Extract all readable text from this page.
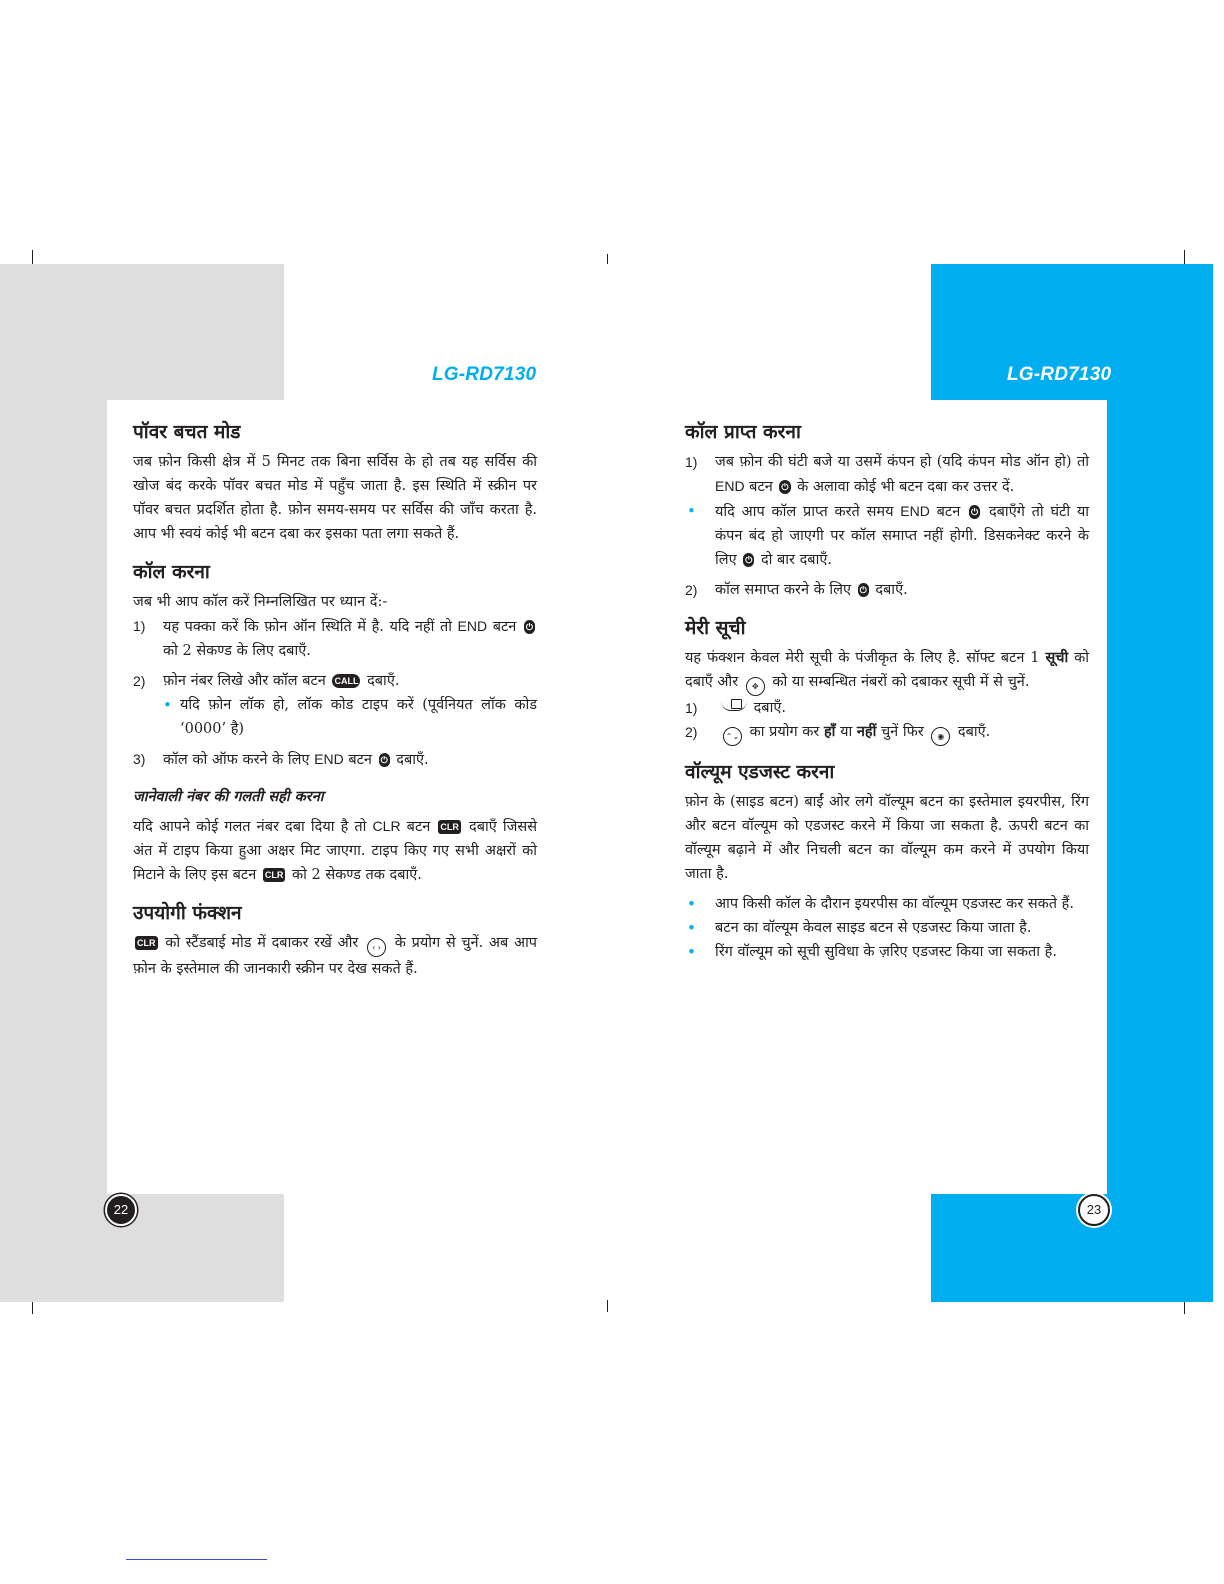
LG-RD7130	LG-RD7130
पॉवर बचत मोड

जब फ़ोन किसी क्षेत्र में 5 मिनट तक बिना सर्विस के हो तब यह सर्विस की खोज बंद करके पॉवर बचत मोड में पहुँच जाता है. इस स्थिति में स्क्रीन पर पॉवर बचत प्रदर्शित होता है. फ़ोन समय-समय पर सर्विस की जाँच करता है. आप भी स्वयं कोई भी बटन दबा कर इसका पता लगा सकते हैं.

कॉल करना

जब भी आप कॉल करें निम्नलिखित पर ध्यान दें:-

1) यह पक्का करें कि फ़ोन ऑन स्थिति में है. यदि नहीं तो END बटन ⏻ को 2 सेकण्ड के लिए दबाएँ.
2) फ़ोन नंबर लिखे और कॉल बटन CALL दबाएँ.
• यदि फ़ोन लॉक हो, लॉक कोड टाइप करें (पूर्वनियत लॉक कोड ‘0000’ है)
3) कॉल को ऑफ करने के लिए END बटन ⏻ दबाएँ.

जानेवाली नंबर की गलती सही करना

यदि आपने कोई गलत नंबर दबा दिया है तो CLR बटन CLR दबाएँ जिससे अंत में टाइप किया हुआ अक्षर मिट जाएगा. टाइप किए गए सभी अक्षरों को मिटाने के लिए इस बटन CLR को 2 सेकण्ड तक दबाएँ.

उपयोगी फंक्शन

CLR को स्टैंडबाई मोड में दबाकर रखें और ‹ › के प्रयोग से चुनें. अब आप फ़ोन के इस्तेमाल की जानकारी स्क्रीन पर देख सकते हैं.

कॉल प्राप्त करना
1) जब फ़ोन की घंटी बजे या उसमें कंपन हो (यदि कंपन मोड ऑन हो) तो END बटन ⏻ के अलावा कोई भी बटन दबा कर उत्तर दें.
• यदि आप कॉल प्राप्त करते समय END बटन ⏻ दबाएँगे तो घंटी या कंपन बंद हो जाएगी पर कॉल समाप्त नहीं होगी. डिसकनेक्ट करने के लिए ⏻ दो बार दबाएँ.
2) कॉल समाप्त करने के लिए ⏻ दबाएँ.
मेरी सूची

यह फंक्शन केवल मेरी सूची के पंजीकृत के लिए है. सॉफ्ट बटन 1 सूची को दबाएँ और ✥ को या सम्बन्धित नंबरों को दबाकर सूची में से चुनें.

1)	दबाएँ.
2)	⌃⌄ का प्रयोग कर हाँ या नहीं चुनें फिर ◉ दबाएँ.
वॉल्यूम एडजस्ट करना

फ़ोन के (साइड बटन) बाईं ओर लगे वॉल्यूम बटन का इस्तेमाल इयरपीस, रिंग और बटन वॉल्यूम को एडजस्ट करने में किया जा सकता है. ऊपरी बटन का वॉल्यूम बढ़ाने में और निचली बटन का वॉल्यूम कम करने में उपयोग किया जाता है.

• आप किसी कॉल के दौरान इयरपीस का वॉल्यूम एडजस्ट कर सकते हैं.
• बटन का वॉल्यूम केवल साइड बटन से एडजस्ट किया जाता है.
• रिंग वॉल्यूम को सूची सुविधा के ज़रिए एडजस्ट किया जा सकता है.
22	23
